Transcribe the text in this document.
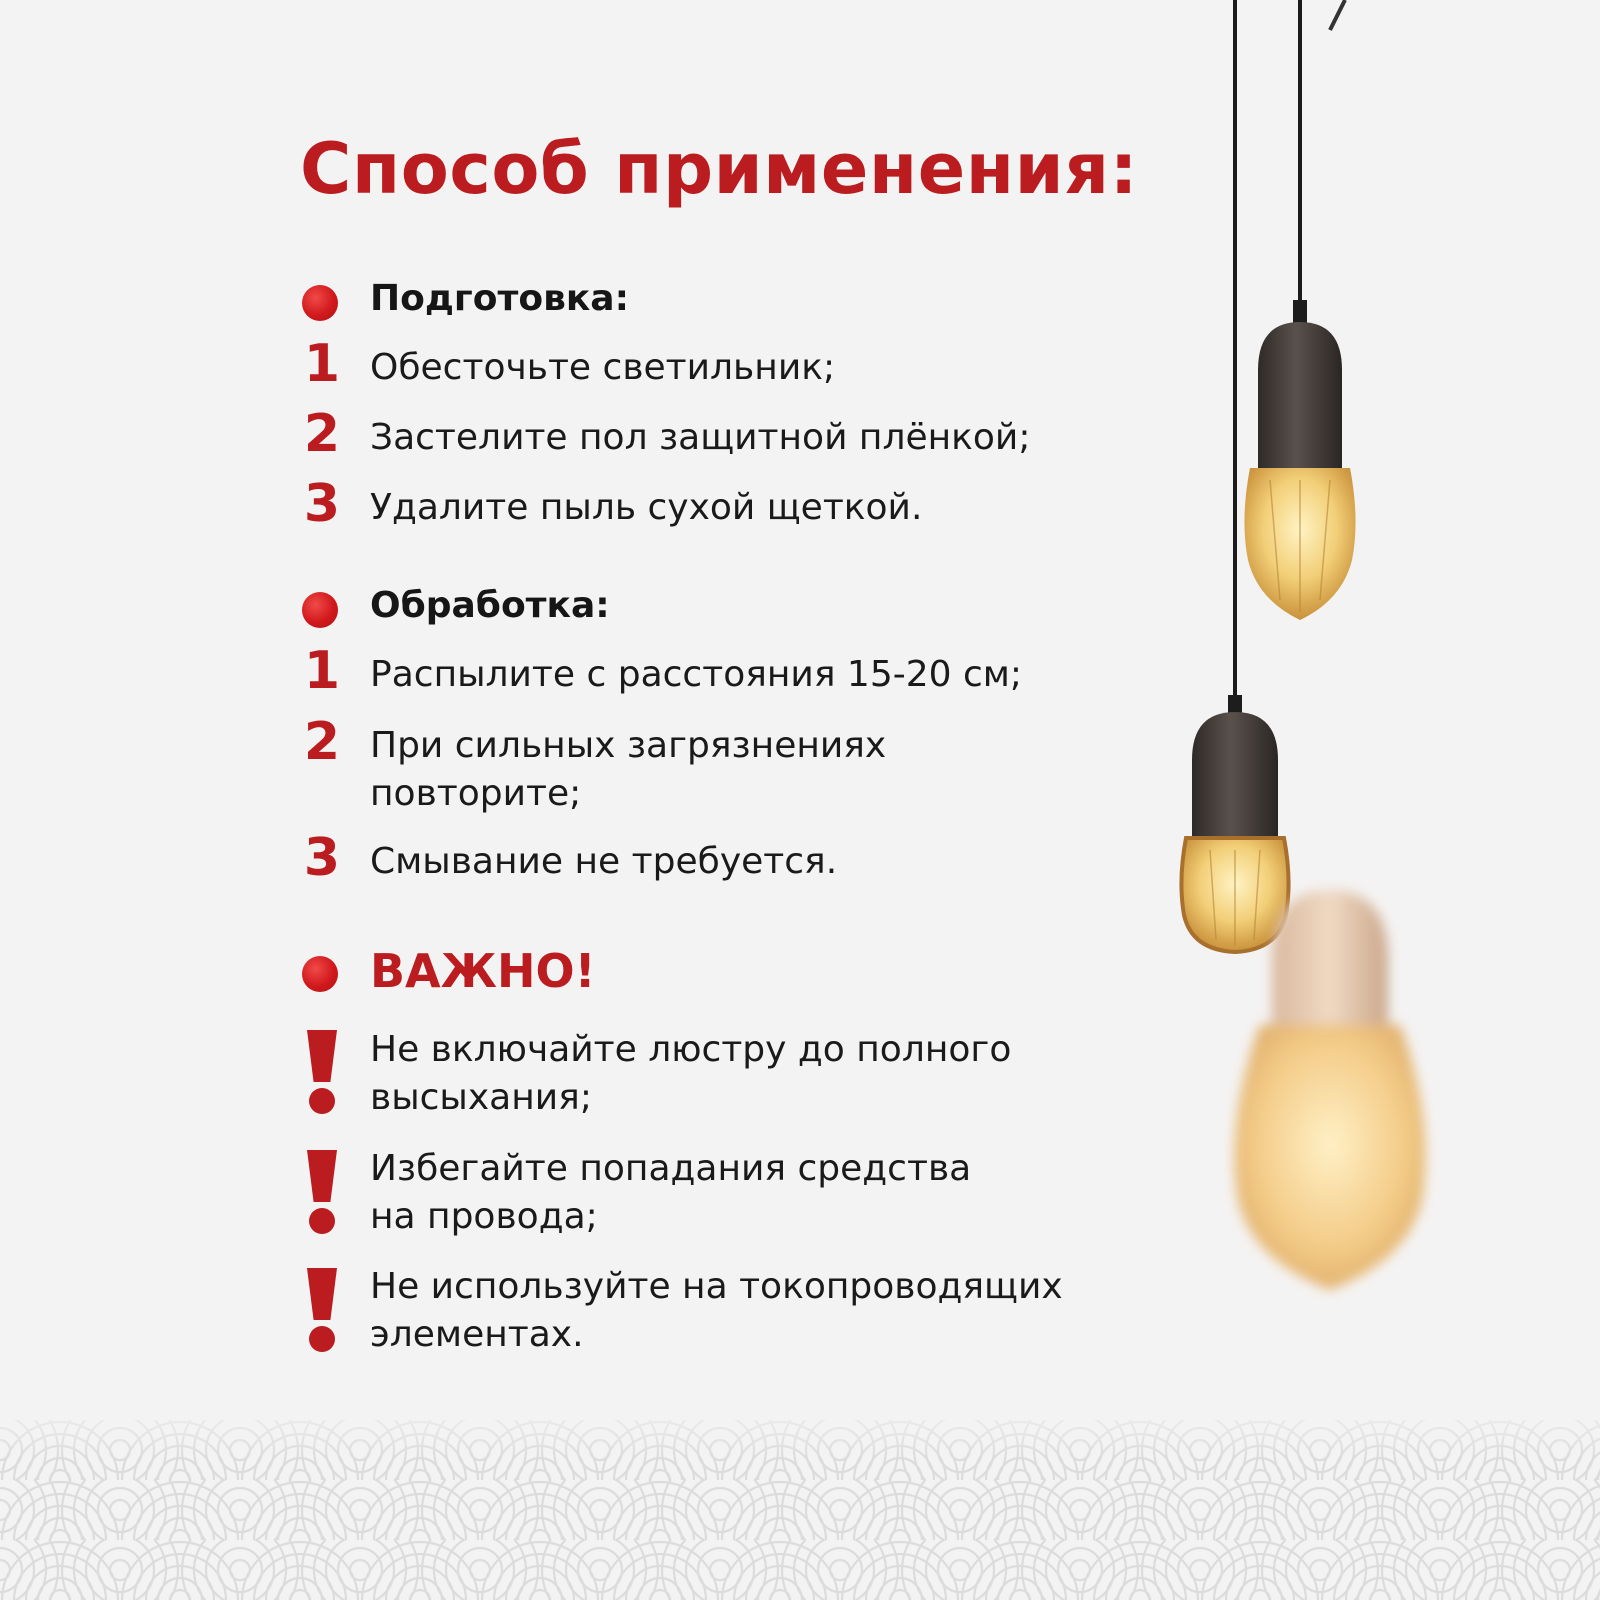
Способ применения:
Подготовка:
1 Обесточьте светильник;
2 Застелите пол защитной плёнкой;
3 Удалите пыль сухой щеткой.
Обработка:
1 Распылите с расстояния 15-20 см;
2 При сильных загрязнениях
повторите;
3 Смывание не требуется.
ВАЖНО!
Не включайте люстру до полного
высыхания;
Избегайте попадания средства
на провода;
Не используйте на токопроводящих
элементах.
